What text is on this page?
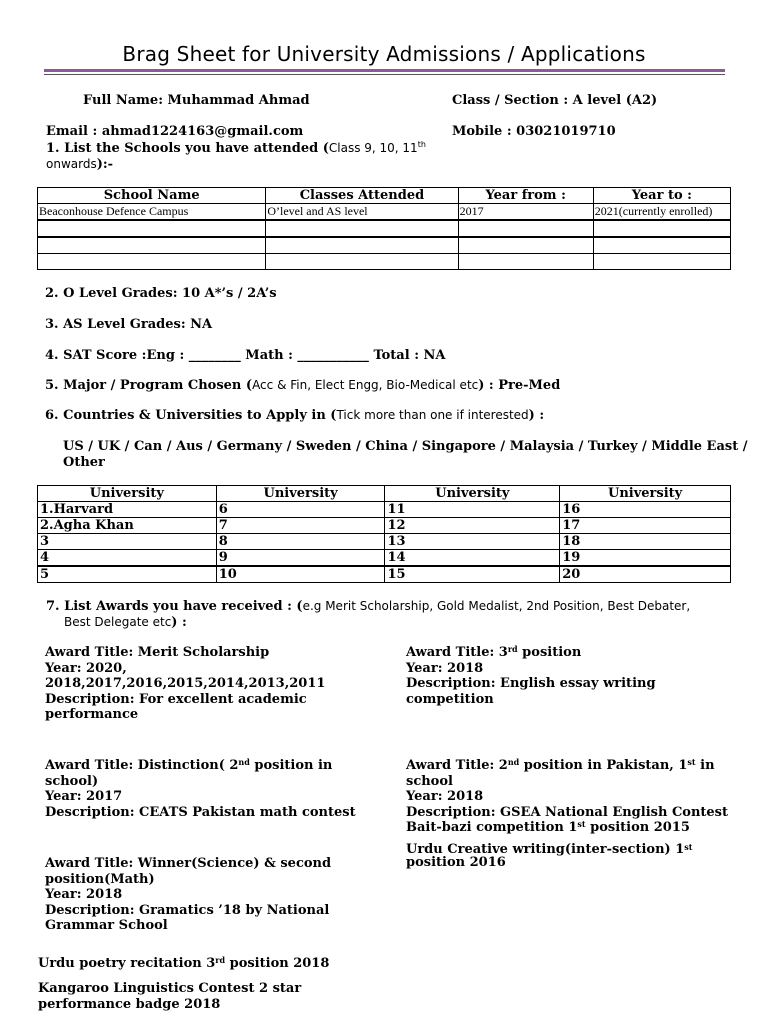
Brag Sheet for University Admissions / Applications
Full Name: Muhammad Ahmad	Class / Section : A level (A2)
Email : ahmad1224163@gmail.com	Mobile : 03021019710
1. List the Schools you have attended (Class 9, 10, 11th
onwards):-
School Name	Classes Attended	Year from :	Year to :
Beaconhouse Defence Campus	O’level and AS level	2017	2021(currently enrolled)

2. O Level Grades: 10 A*’s / 2A’s
3. AS Level Grades: NA
4. SAT Score :Eng : ________ Math : ___________ Total : NA
5. Major / Program Chosen (Acc & Fin, Elect Engg, Bio-Medical etc) : Pre-Med
6. Countries & Universities to Apply in (Tick more than one if interested) :
US / UK / Can / Aus / Germany / Sweden / China / Singapore / Malaysia / Turkey / Middle East /
Other
University	University	University	University
1.Harvard	6	11	16
2.Agha Khan	7	12	17
3	8	13	18
4	9	14	19
5	10	15	20
7. List Awards you have received : (e.g Merit Scholarship, Gold Medalist, 2nd Position, Best Debater,
Best Delegate etc) :
Award Title: Merit Scholarship
Year: 2020,
2018,2017,2016,2015,2014,2013,2011
Description: For excellent academic
performance
Award Title: 3rd position
Year: 2018
Description: English essay writing
competition
Award Title: Distinction( 2nd position in
school)
Year: 2017
Description: CEATS Pakistan math contest
Award Title: 2nd position in Pakistan, 1st in
school
Year: 2018
Description: GSEA National English Contest
Bait-bazi competition 1st position 2015
Urdu Creative writing(inter-section) 1st
position 2016
Award Title: Winner(Science) & second
position(Math)
Year: 2018
Description: Gramatics ’18 by National
Grammar School
Urdu poetry recitation 3rd position 2018
Kangaroo Linguistics Contest 2 star
performance badge 2018
